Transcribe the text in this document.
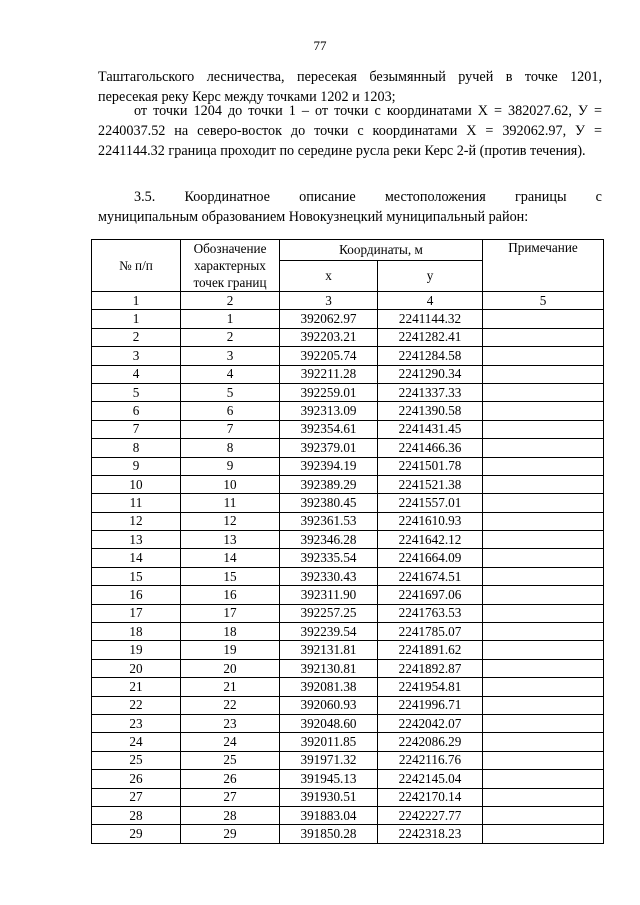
77

Таштагольского лесничества, пересекая безымянный ручей в точке 1201, пересекая реку Керс между точками 1202 и 1203;

от точки 1204 до точки 1 – от точки с координатами Х = 382027.62, У = 2240037.52 на северо-восток до точки с координатами Х = 392062.97, У = 2241144.32 граница проходит по середине русла реки Керс 2-й (против течения).

3.5. Координатное описание местоположения границы с
муниципальным образованием Новокузнецкий муниципальный район:
№ п/п	Обозначение характерных точек границ	Координаты, м		Примечание
		х	у	
1	2	3	4	5
1	1	392062.97	2241144.32	
2	2	392203.21	2241282.41	
3	3	392205.74	2241284.58	
4	4	392211.28	2241290.34	
5	5	392259.01	2241337.33	
6	6	392313.09	2241390.58	
7	7	392354.61	2241431.45	
8	8	392379.01	2241466.36	
9	9	392394.19	2241501.78	
10	10	392389.29	2241521.38	
11	11	392380.45	2241557.01	
12	12	392361.53	2241610.93	
13	13	392346.28	2241642.12	
14	14	392335.54	2241664.09	
15	15	392330.43	2241674.51	
16	16	392311.90	2241697.06	
17	17	392257.25	2241763.53	
18	18	392239.54	2241785.07	
19	19	392131.81	2241891.62	
20	20	392130.81	2241892.87	
21	21	392081.38	2241954.81	
22	22	392060.93	2241996.71	
23	23	392048.60	2242042.07	
24	24	392011.85	2242086.29	
25	25	391971.32	2242116.76	
26	26	391945.13	2242145.04	
27	27	391930.51	2242170.14	
28	28	391883.04	2242227.77	
29	29	391850.28	2242318.23	
